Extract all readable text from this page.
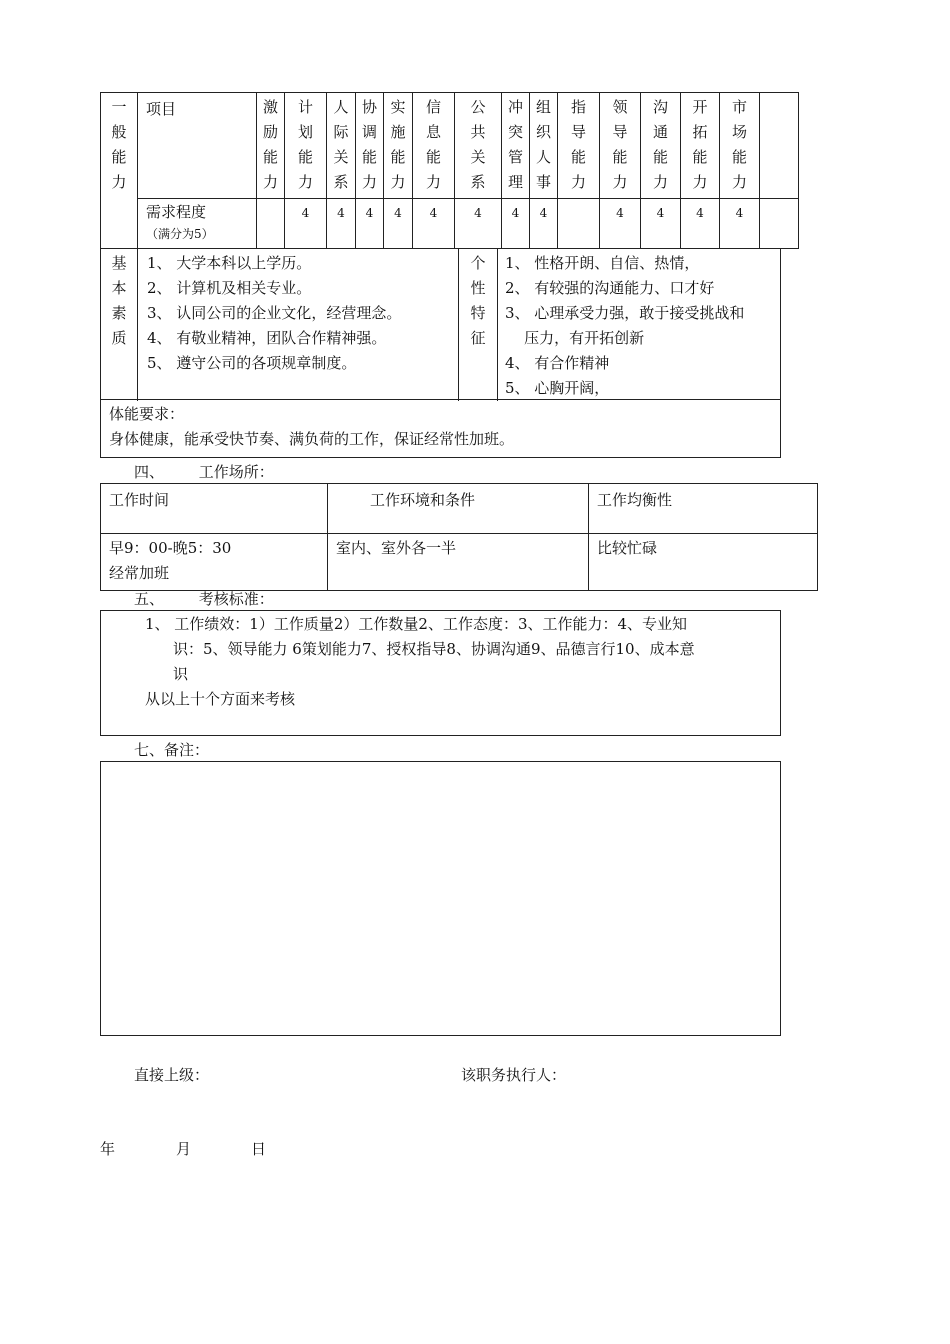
一
般
能
力	项目	激
励
能
力	计
划
能
力	人
际
关
系	协
调
能
力	实
施
能
力	信
息
能
力	公
共
关
系	冲
突
管
理	组
织
人
事	指
导
能
力	领
导
能
力	沟
通
能
力	开
拓
能
力	市
场
能
力	

	需求程度
（满分为5）		4	4	4	4	4	4	4	4		4	4	4	4	
基
本
素
质
1、 大学本科以上学历。
2、 计算机及相关专业。
3、 认同公司的企业文化，经营理念。
4、 有敬业精神，团队合作精神强。
5、 遵守公司的各项规章制度。
个
性
特
征
1、 性格开朗、自信、热情，
2、 有较强的沟通能力、口才好
3、 心理承受力强，敢于接受挑战和
压力，有开拓创新
4、 有合作精神
5、 心胸开阔，
体能要求：
身体健康，能承受快节奏、满负荷的工作，保证经常性加班。
四、 工作场所：
工作时间	工作环境和条件	工作均衡性

早9：00-晚5：30
经常加班	室内、室外各一半	比较忙碌
五、 考核标准：
1、 工作绩效：1）工作质量2）工作数量2、工作态度：3、工作能力：4、专业知
识：5、领导能力 6策划能力7、授权指导8、协调沟通9、品德言行10、成本意
识
从以上十个方面来考核
七、备注：
直接上级：	该职务执行人：
年	月	日
